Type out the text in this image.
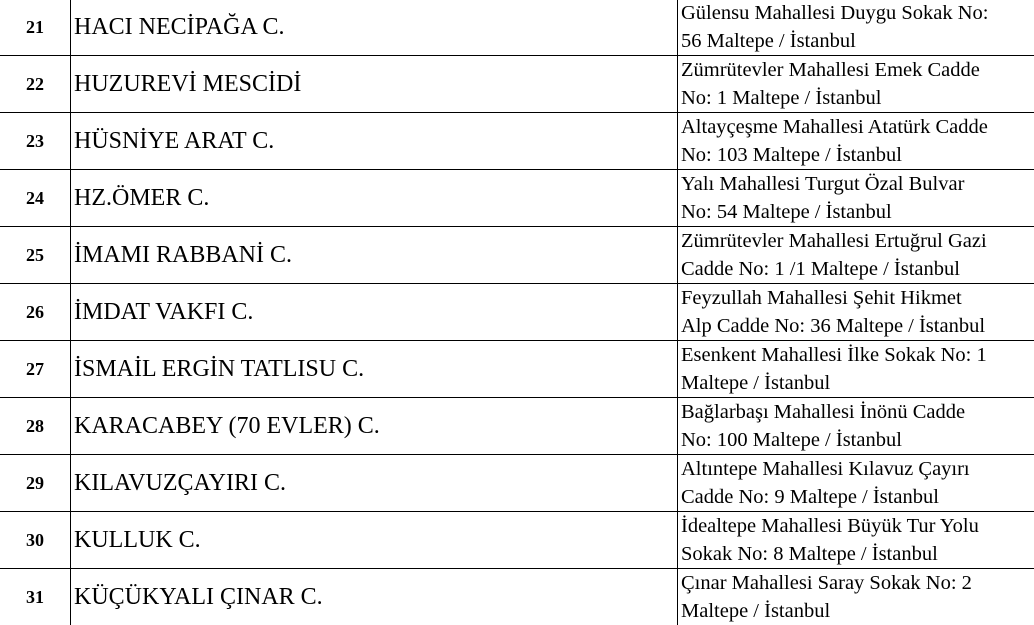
21	HACI NECİPAĞA C.	Gülensu Mahallesi Duygu Sokak No:
56 Maltepe / İstanbul

22	HUZUREVİ MESCİDİ	Zümrütevler Mahallesi Emek Cadde
No: 1 Maltepe / İstanbul

23	HÜSNİYE ARAT C.	Altayçeşme Mahallesi Atatürk Cadde
No: 103 Maltepe / İstanbul

24	HZ.ÖMER C.	Yalı Mahallesi Turgut Özal Bulvar
No: 54 Maltepe / İstanbul

25	İMAMI RABBANİ C.	Zümrütevler Mahallesi Ertuğrul Gazi
Cadde No: 1 /1 Maltepe / İstanbul

26	İMDAT VAKFI C.	Feyzullah Mahallesi Şehit Hikmet
Alp Cadde No: 36 Maltepe / İstanbul

27	İSMAİL ERGİN TATLISU C.	Esenkent Mahallesi İlke Sokak No: 1
Maltepe / İstanbul

28	KARACABEY (70 EVLER) C.	Bağlarbaşı Mahallesi İnönü Cadde
No: 100 Maltepe / İstanbul

29	KILAVUZÇAYIRI C.	Altıntepe Mahallesi Kılavuz Çayırı
Cadde No: 9 Maltepe / İstanbul

30	KULLUK C.	İdealtepe Mahallesi Büyük Tur Yolu
Sokak No: 8 Maltepe / İstanbul

31	KÜÇÜKYALI ÇINAR C.	Çınar Mahallesi Saray Sokak No: 2
Maltepe / İstanbul
